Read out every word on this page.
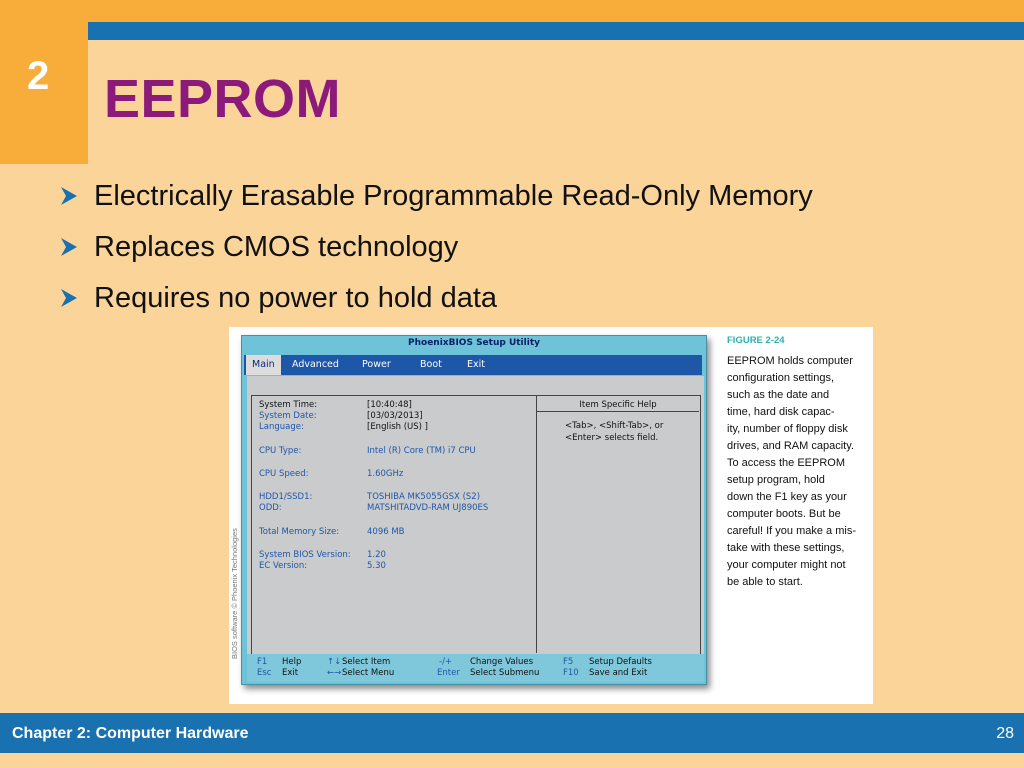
2	EEPROM
Electrically Erasable Programmable Read-Only Memory
Replaces CMOS technology
Requires no power to hold data
BIOS software © Phoenix Technologies
PhoenixBIOS Setup Utility
Main	Advanced Power	Boot	Exit
Item Specific Help
<Tab>, <Shift-Tab>, or
<Enter> selects field.
System Time:	[10:40:48]
System Date:	[03/03/2013]
Language:	[English (US) ]
CPU Type:	Intel (R) Core (TM) i7 CPU
CPU Speed:	1.60GHz
HDD1/SSD1:	TOSHIBA MK5055GSX (S2)
ODD:	MATSHITADVD-RAM UJ890ES
Total Memory Size:	4096 MB
System BIOS Version: 1.20
EC Version:	5.30
F1 Help
Esc Exit
↑↓ Select Item
←→ Select Menu
-/+ Change Values
Enter Select Submenu
F5 Setup Defaults
F10 Save and Exit
FIGURE 2-24
EEPROM holds computer
configuration settings,
such as the date and
time, hard disk capac-
ity, number of floppy disk
drives, and RAM capacity.
To access the EEPROM
setup program, hold
down the F1 key as your
computer boots. But be
careful! If you make a mis-
take with these settings,
your computer might not
be able to start.
Chapter 2: Computer Hardware	28
